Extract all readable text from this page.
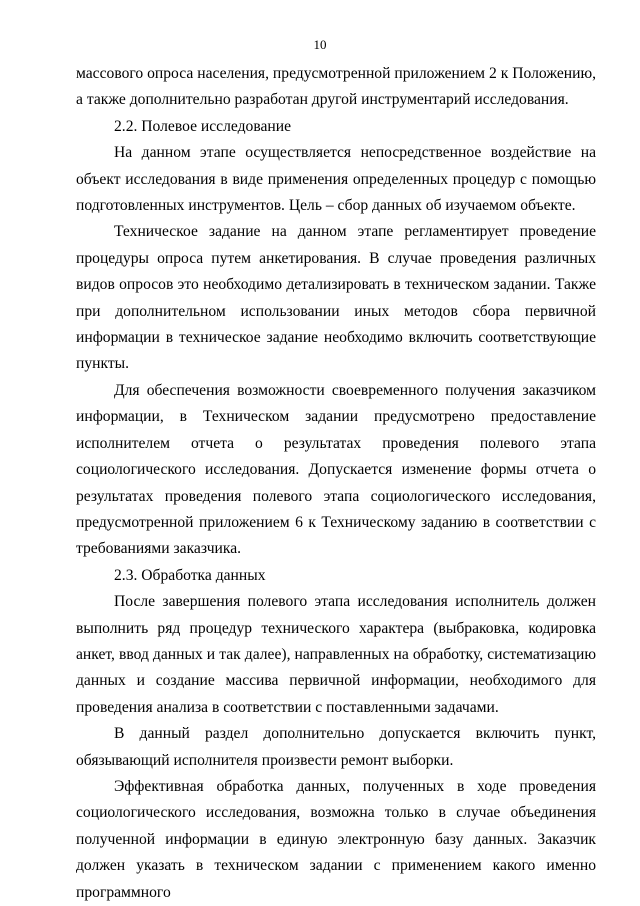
10

массового опроса населения, предусмотренной приложением 2 к Положению, а также дополнительно разработан другой инструментарий исследования.

2.2. Полевое исследование

На данном этапе осуществляется непосредственное воздействие на объект исследования в виде применения определенных процедур с помощью подготовленных инструментов. Цель – сбор данных об изучаемом объекте.

Техническое задание на данном этапе регламентирует проведение процедуры опроса путем анкетирования. В случае проведения различных видов опросов это необходимо детализировать в техническом задании. Также при дополнительном использовании иных методов сбора первичной информации в техническое задание необходимо включить соответствующие пункты.

Для обеспечения возможности своевременного получения заказчиком информации, в Техническом задании предусмотрено предоставление исполнителем отчета о результатах проведения полевого этапа социологического исследования. Допускается изменение формы отчета о результатах проведения полевого этапа социологического исследования, предусмотренной приложением 6 к Техническому заданию в соответствии с требованиями заказчика.

2.3. Обработка данных

После завершения полевого этапа исследования исполнитель должен выполнить ряд процедур технического характера (выбраковка, кодировка анкет, ввод данных и так далее), направленных на обработку, систематизацию данных и создание массива первичной информации, необходимого для проведения анализа в соответствии с поставленными задачами.

В данный раздел дополнительно допускается включить пункт, обязывающий исполнителя произвести ремонт выборки.

Эффективная обработка данных, полученных в ходе проведения социологического исследования, возможна только в случае объединения полученной информации в единую электронную базу данных. Заказчик должен указать в техническом задании с применением какого именно программного
